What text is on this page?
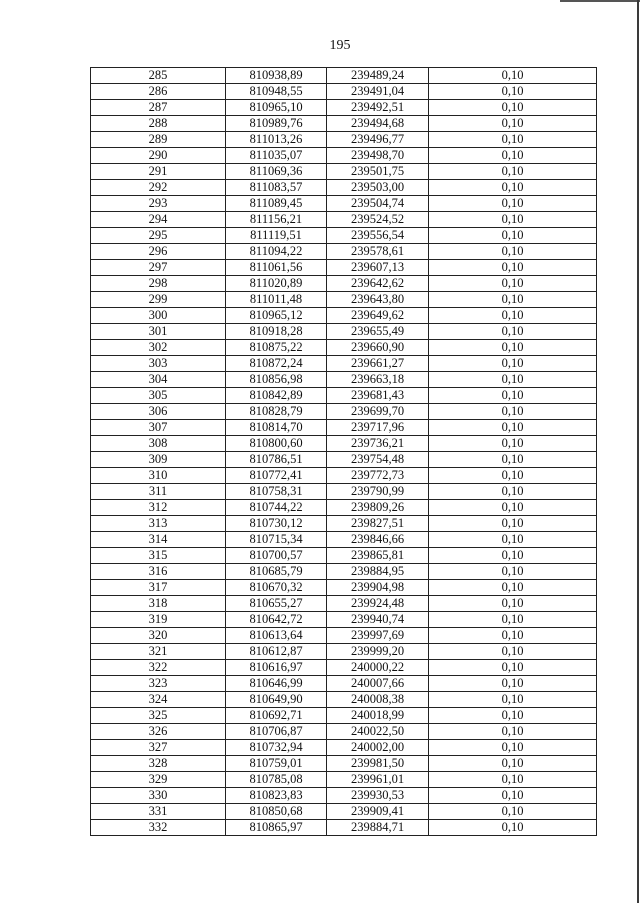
195
285	810938,89	239489,24	0,10
286	810948,55	239491,04	0,10
287	810965,10	239492,51	0,10
288	810989,76	239494,68	0,10
289	811013,26	239496,77	0,10
290	811035,07	239498,70	0,10
291	811069,36	239501,75	0,10
292	811083,57	239503,00	0,10
293	811089,45	239504,74	0,10
294	811156,21	239524,52	0,10
295	811119,51	239556,54	0,10
296	811094,22	239578,61	0,10
297	811061,56	239607,13	0,10
298	811020,89	239642,62	0,10
299	811011,48	239643,80	0,10
300	810965,12	239649,62	0,10
301	810918,28	239655,49	0,10
302	810875,22	239660,90	0,10
303	810872,24	239661,27	0,10
304	810856,98	239663,18	0,10
305	810842,89	239681,43	0,10
306	810828,79	239699,70	0,10
307	810814,70	239717,96	0,10
308	810800,60	239736,21	0,10
309	810786,51	239754,48	0,10
310	810772,41	239772,73	0,10
311	810758,31	239790,99	0,10
312	810744,22	239809,26	0,10
313	810730,12	239827,51	0,10
314	810715,34	239846,66	0,10
315	810700,57	239865,81	0,10
316	810685,79	239884,95	0,10
317	810670,32	239904,98	0,10
318	810655,27	239924,48	0,10
319	810642,72	239940,74	0,10
320	810613,64	239997,69	0,10
321	810612,87	239999,20	0,10
322	810616,97	240000,22	0,10
323	810646,99	240007,66	0,10
324	810649,90	240008,38	0,10
325	810692,71	240018,99	0,10
326	810706,87	240022,50	0,10
327	810732,94	240002,00	0,10
328	810759,01	239981,50	0,10
329	810785,08	239961,01	0,10
330	810823,83	239930,53	0,10
331	810850,68	239909,41	0,10
332	810865,97	239884,71	0,10
